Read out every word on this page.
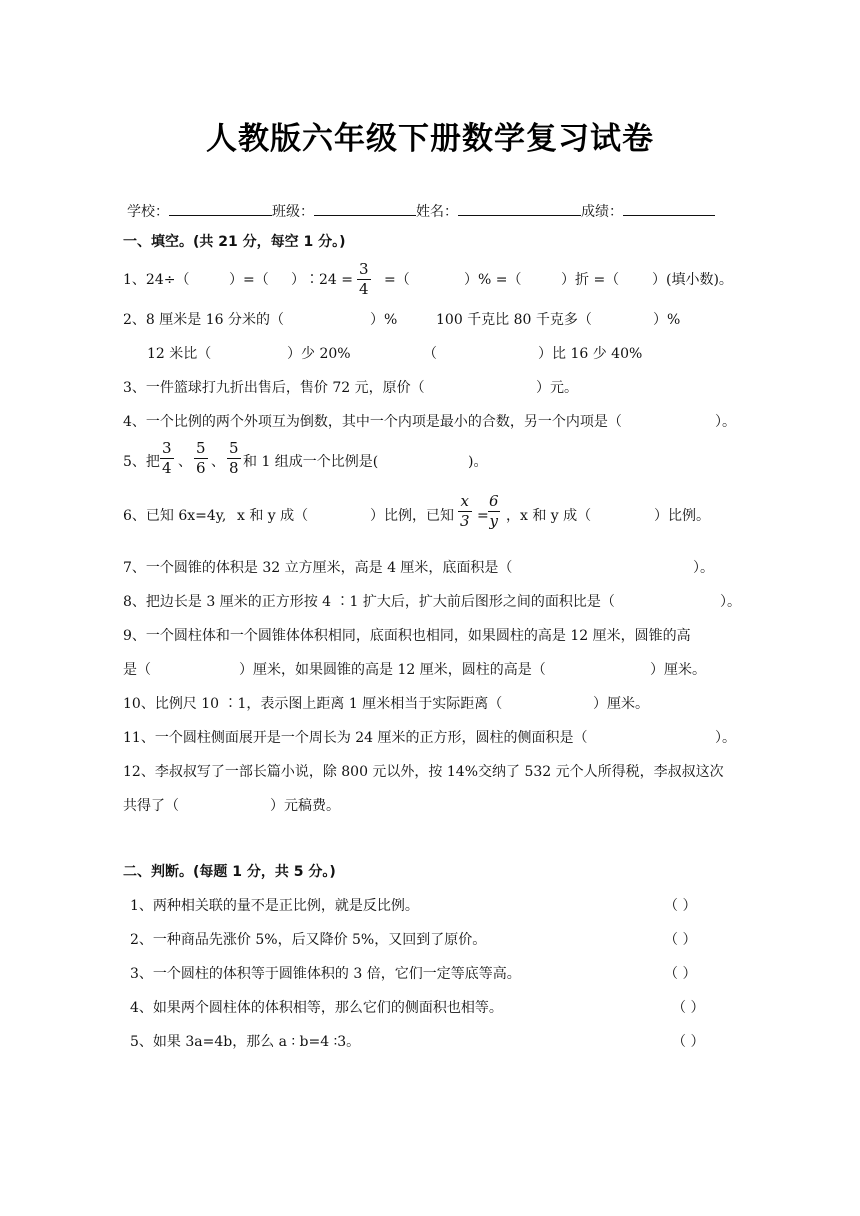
人教版六年级下册数学复习试卷
学校：	班级：	姓名：	成绩：
一、填空。(共 21 分，每空 1 分。)
1、24÷（	）=（ ）∶24 = $\frac{3}{4}$ =（	）% =（	）折 =（ ）(填小数)。
2、8 厘米是 16 分米的（	）%	100 千克比 80 千克多（	）%
12 米比（	）少 20%	（	）比 16 少 40%
3、一件篮球打九折出售后，售价 72 元，原价（	）元。
4、一个比例的两个外项互为倒数，其中一个内项是最小的合数，另一个内项是（	）。
5、把 $\frac{3}{4}$ 、 $\frac{5}{6}$ 、 $\frac{5}{8}$ 和 1 组成一个比例是(	)。
6、已知 6x=4y, x 和 y 成（	）比例，已知 $\frac{x}{3}$ =
$\frac{6}{y}$ ，x 和 y 成（	）比例。
7、一个圆锥的体积是 32 立方厘米，高是 4 厘米，底面积是（	）。
8、把边长是 3 厘米的正方形按 4 ∶1 扩大后，扩大前后图形之间的面积比是（	）。
9、一个圆柱体和一个圆锥体体积相同，底面积也相同，如果圆柱的高是 12 厘米，圆锥的高
是（	）厘米，如果圆锥的高是 12 厘米，圆柱的高是（	）厘米。
10、比例尺 10 ∶1，表示图上距离 1 厘米相当于实际距离（	）厘米。
11、一个圆柱侧面展开是一个周长为 24 厘米的正方形，圆柱的侧面积是（	）。
12、李叔叔写了一部长篇小说，除 800 元以外，按 14%交纳了 532 元个人所得税，李叔叔这次
共得了（	）元稿费。
二、判断。(每题 1 分，共 5 分。)
1、两种相关联的量不是正比例，就是反比例。	（ ）
2、一种商品先涨价 5%，后又降价 5%，又回到了原价。	（ ）
3、一个圆柱的体积等于圆锥体积的 3 倍，它们一定等底等高。	（ ）
4、如果两个圆柱体的体积相等，那么它们的侧面积也相等。	（ ）
5、如果 3a=4b，那么 a ∶ b=4 ∶3。	（ ）
